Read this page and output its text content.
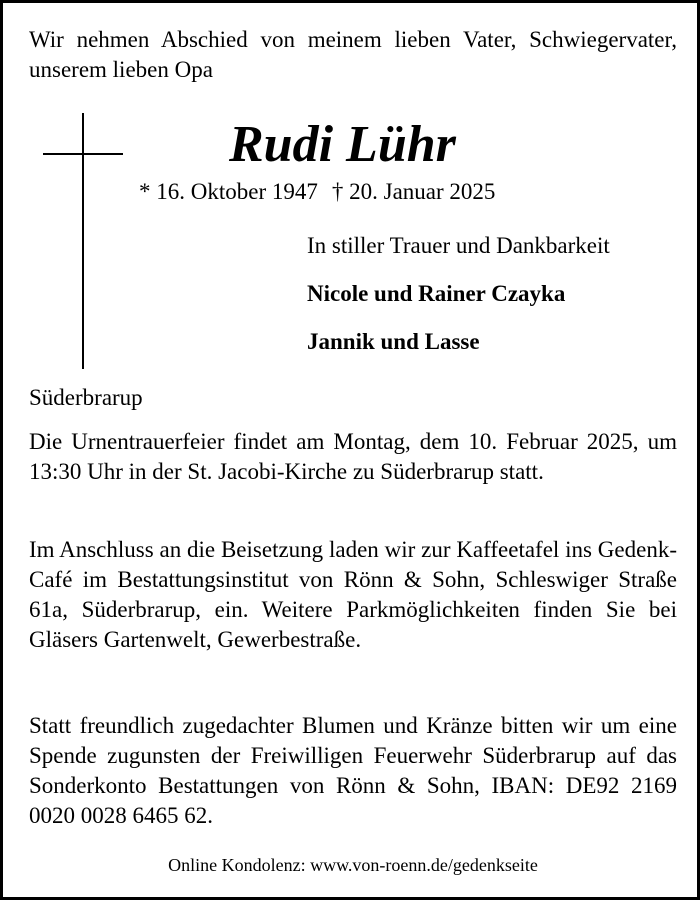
Wir nehmen Abschied von meinem lieben Vater, Schwiegervater, unserem lieben Opa

Rudi Lühr
* 16. Oktober 1947 † 20. Januar 2025

In stiller Trauer und Dankbarkeit

Nicole und Rainer Czayka

Jannik und Lasse

Süderbrarup

Die Urnentrauerfeier findet am Montag, dem 10. Februar 2025, um 13:30 Uhr in der St. Jacobi-Kirche zu Süderbrarup statt.

Im Anschluss an die Beisetzung laden wir zur Kaffeetafel ins Gedenk-Café im Bestattungsinstitut von Rönn & Sohn, Schleswiger Straße 61a, Süderbrarup, ein. Weitere Parkmöglichkeiten finden Sie bei Gläsers Gartenwelt, Gewerbestraße.

Statt freundlich zugedachter Blumen und Kränze bitten wir um eine Spende zugunsten der Freiwilligen Feuerwehr Süderbrarup auf das Sonderkonto Bestattungen von Rönn & Sohn, IBAN: DE92 2169 0020 0028 6465 62.

Online Kondolenz: www.von-roenn.de/gedenkseite
